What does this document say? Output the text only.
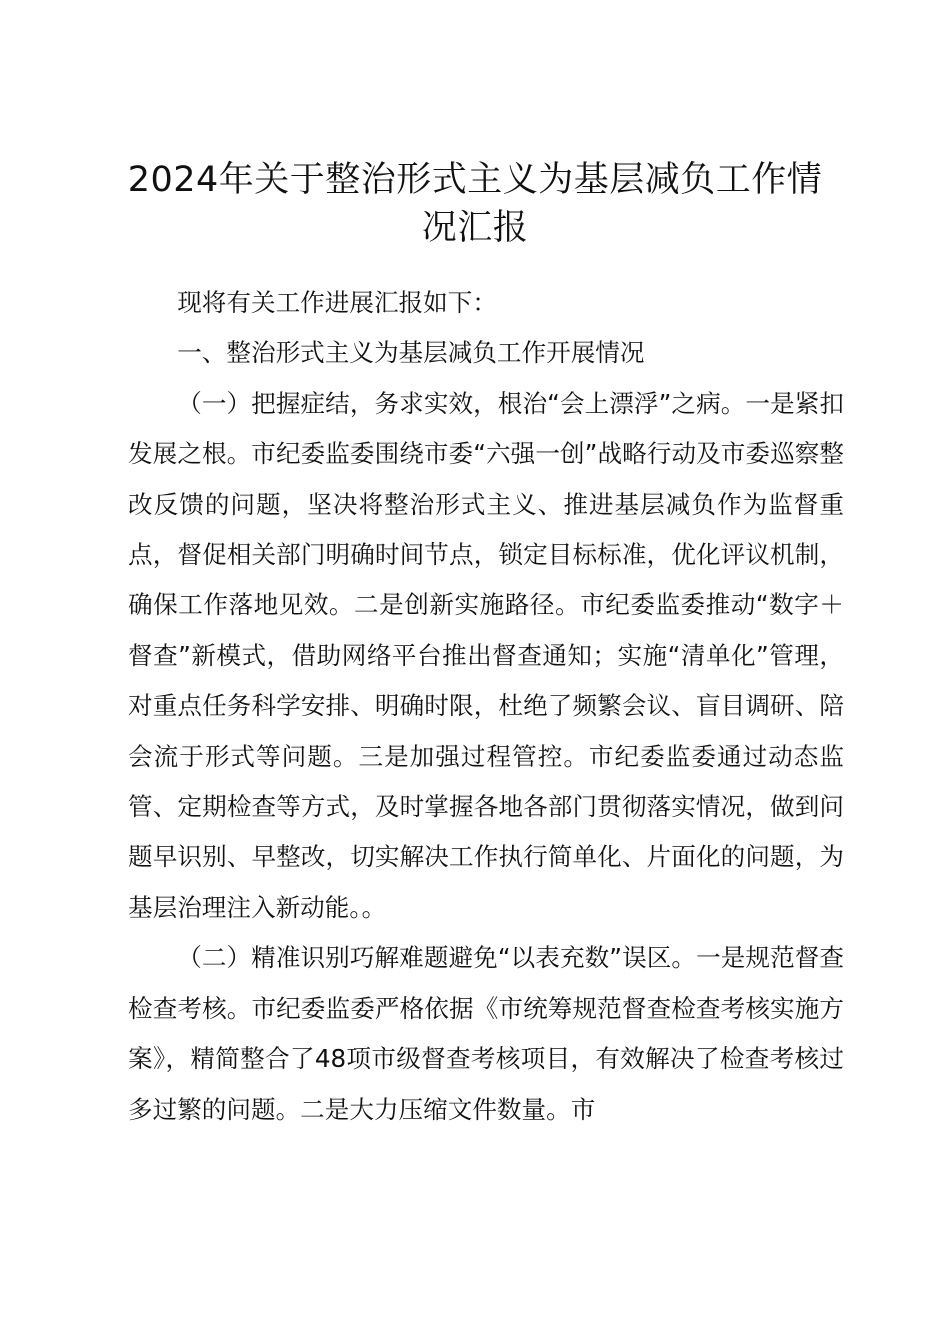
2024年关于整治形式主义为基层减负工作情况汇报

现将有关工作进展汇报如下：

一、整治形式主义为基层减负工作开展情况

（一）把握症结，务求实效，根治“会上漂浮”之病。一是紧扣发展之根。市纪委监委围绕市委“六强一创”战略行动及市委巡察整改反馈的问题，坚决将整治形式主义、推进基层减负作为监督重点，督促相关部门明确时间节点，锁定目标标准，优化评议机制，确保工作落地见效。二是创新实施路径。市纪委监委推动“数字＋督查”新模式，借助网络平台推出督查通知；实施“清单化”管理，对重点任务科学安排、明确时限，杜绝了频繁会议、盲目调研、陪会流于形式等问题。三是加强过程管控。市纪委监委通过动态监管、定期检查等方式，及时掌握各地各部门贯彻落实情况，做到问题早识别、早整改，切实解决工作执行简单化、片面化的问题，为基层治理注入新动能。。

（二）精准识别巧解难题避免“以表充数”误区。一是规范督查检查考核。市纪委监委严格依据《市统筹规范督查检查考核实施方案》，精简整合了48项市级督查考核项目，有效解决了检查考核过多过繁的问题。二是大力压缩文件数量。市
